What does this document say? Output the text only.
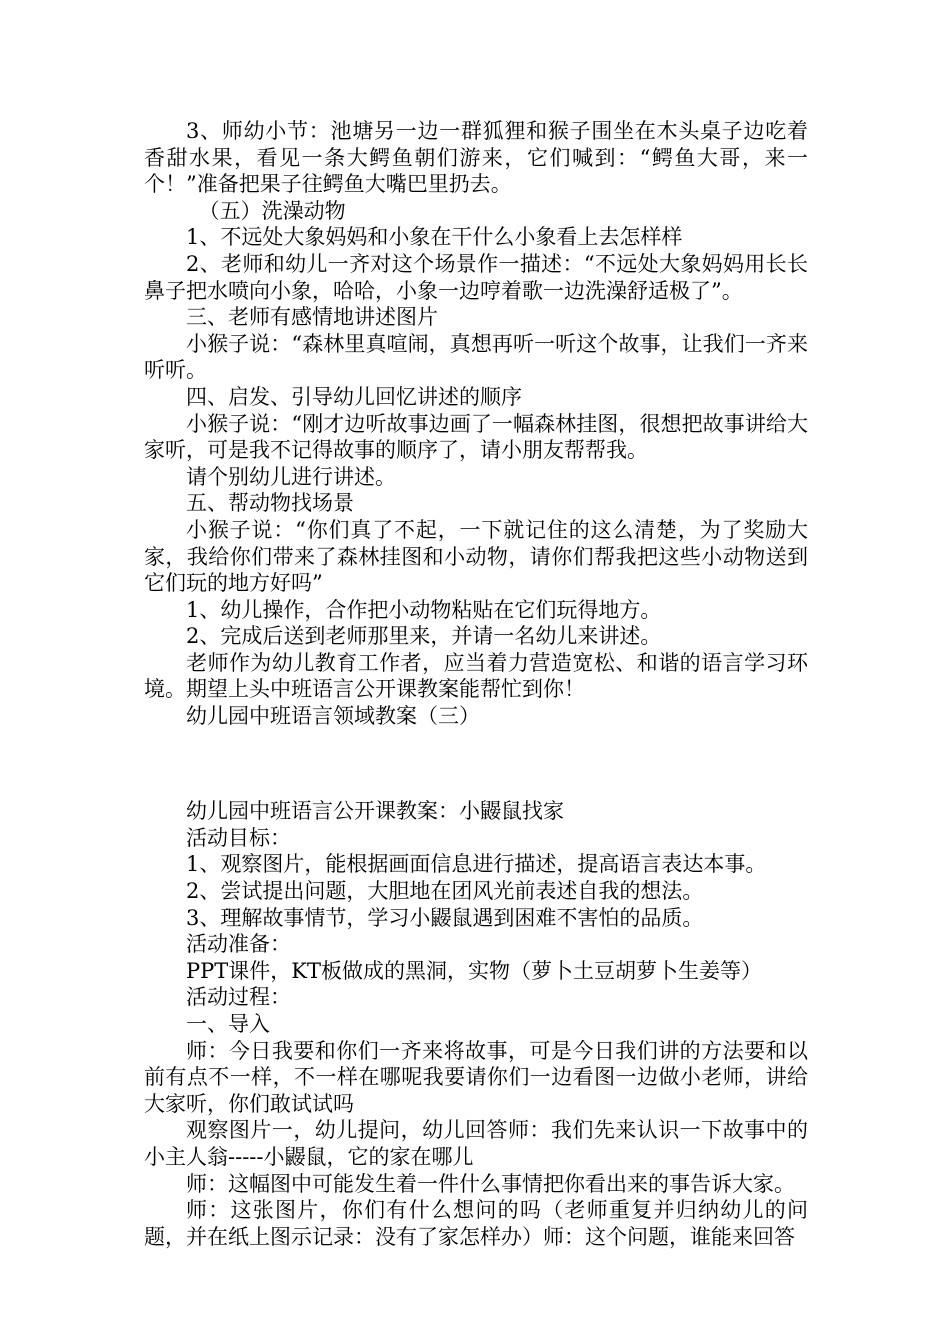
3、师幼小节：池塘另一边一群狐狸和猴子围坐在木头桌子边吃着香甜水果，看见一条大鳄鱼朝们游来，它们喊到：“鳄鱼大哥，来一个！”准备把果子往鳄鱼大嘴巴里扔去。

（五）洗澡动物

1、不远处大象妈妈和小象在干什么小象看上去怎样样

2、老师和幼儿一齐对这个场景作一描述：“不远处大象妈妈用长长鼻子把水喷向小象，哈哈，小象一边哼着歌一边洗澡舒适极了”。

三、老师有感情地讲述图片

小猴子说：“森林里真喧闹，真想再听一听这个故事，让我们一齐来听听。

四、启发、引导幼儿回忆讲述的顺序

小猴子说：“刚才边听故事边画了一幅森林挂图，很想把故事讲给大家听，可是我不记得故事的顺序了，请小朋友帮帮我。

请个别幼儿进行讲述。

五、帮动物找场景

小猴子说：“你们真了不起，一下就记住的这么清楚，为了奖励大家，我给你们带来了森林挂图和小动物，请你们帮我把这些小动物送到它们玩的地方好吗”

1、幼儿操作，合作把小动物粘贴在它们玩得地方。

2、完成后送到老师那里来，并请一名幼儿来讲述。

老师作为幼儿教育工作者，应当着力营造宽松、和谐的语言学习环境。期望上头中班语言公开课教案能帮忙到你！

幼儿园中班语言领域教案（三）

幼儿园中班语言公开课教案：小鼹鼠找家

活动目标：

1、观察图片，能根据画面信息进行描述，提高语言表达本事。

2、尝试提出问题，大胆地在团风光前表述自我的想法。

3、理解故事情节，学习小鼹鼠遇到困难不害怕的品质。

活动准备：

PPT课件，KT板做成的黑洞，实物（萝卜土豆胡萝卜生姜等）

活动过程：

一、导入

师：今日我要和你们一齐来将故事，可是今日我们讲的方法要和以前有点不一样，不一样在哪呢我要请你们一边看图一边做小老师，讲给大家听，你们敢试试吗

观察图片一，幼儿提问，幼儿回答师：我们先来认识一下故事中的小主人翁-----小鼹鼠，它的家在哪儿

师：这幅图中可能发生着一件什么事情把你看出来的事告诉大家。

师：这张图片，你们有什么想问的吗（老师重复并归纳幼儿的问题，并在纸上图示记录：没有了家怎样办）师：这个问题，谁能来回答
